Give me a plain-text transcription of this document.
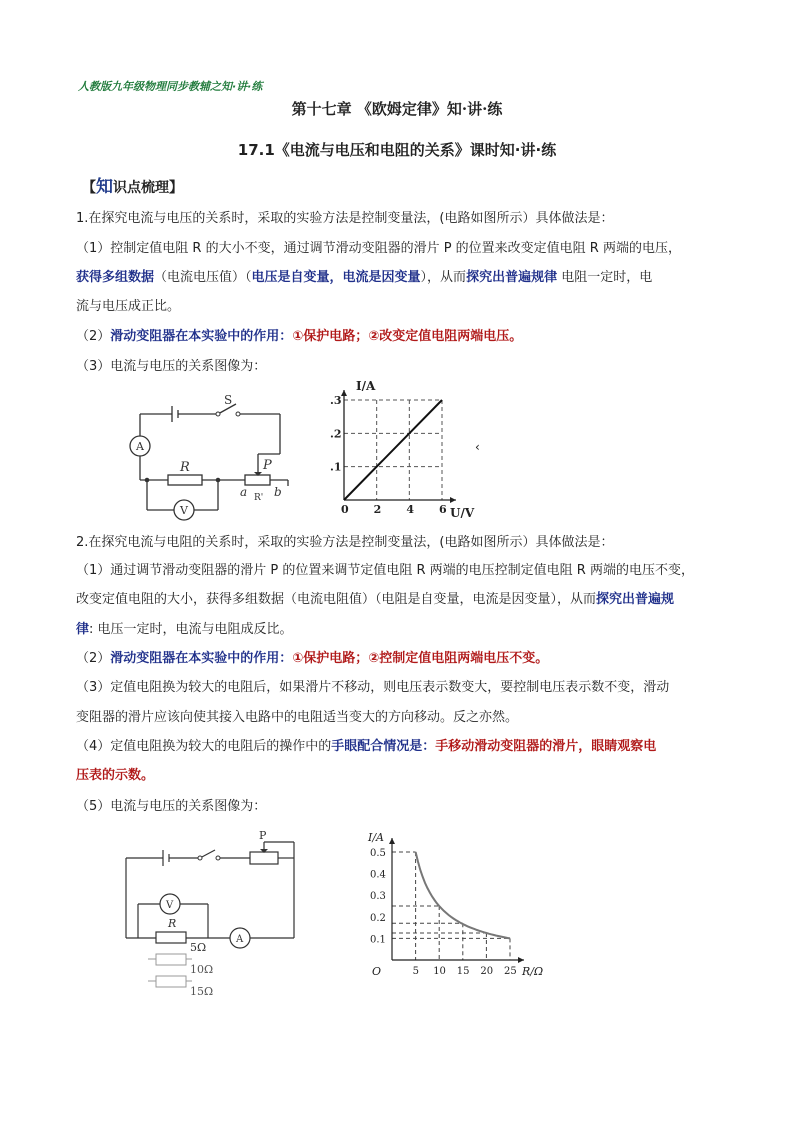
人教版九年级物理同步教辅之知·讲·练
第十七章 《欧姆定律》知·讲·练
17.1《电流与电压和电阻的关系》课时知·讲·练
【知识点梳理】
1.在探究电流与电压的关系时，采取的实验方法是控制变量法，(电路如图所示）具体做法是：
（1）控制定值电阻 R 的大小不变，通过调节滑动变阻器的滑片 P 的位置来改变定值电阻 R 两端的电压，
获得多组数据（电流电压值）（电压是自变量，电流是因变量），从而探究出普遍规律 电阻一定时，电
流与电压成正比。
（2）滑动变阻器在本实验中的作用：①保护电路；②改变定值电阻两端电压。
（3）电流与电压的关系图像为：
S
R	P
a b
R'
A
V	0 2 4 6
.1
.2
.3
I/A
U/V
‹
2.在探究电流与电阻的关系时，采取的实验方法是控制变量法，(电路如图所示）具体做法是：
（1）通过调节滑动变阻器的滑片 P 的位置来调节定值电阻 R 两端的电压控制定值电阻 R 两端的电压不变，
改变定值电阻的大小，获得多组数据（电流电阻值）（电阻是自变量，电流是因变量），从而探究出普遍规
律: 电压一定时，电流与电阻成反比。
（2）滑动变阻器在本实验中的作用：①保护电路；②控制定值电阻两端电压不变。
（3）定值电阻换为较大的电阻后，如果滑片不移动，则电压表示数变大，要控制电压表示数不变，滑动
变阻器的滑片应该向使其接入电路中的电阻适当变大的方向移动。反之亦然。
（4）定值电阻换为较大的电阻后的操作中的手眼配合情况是：手移动滑动变阻器的滑片，眼睛观察电
压表的示数。
（5）电流与电压的关系图像为：
P
V
A
R
5Ω
10Ω
15Ω
5 10 15 20 25
0.1
0.2
0.3
0.4
0.5
I/A
R/Ω
O
